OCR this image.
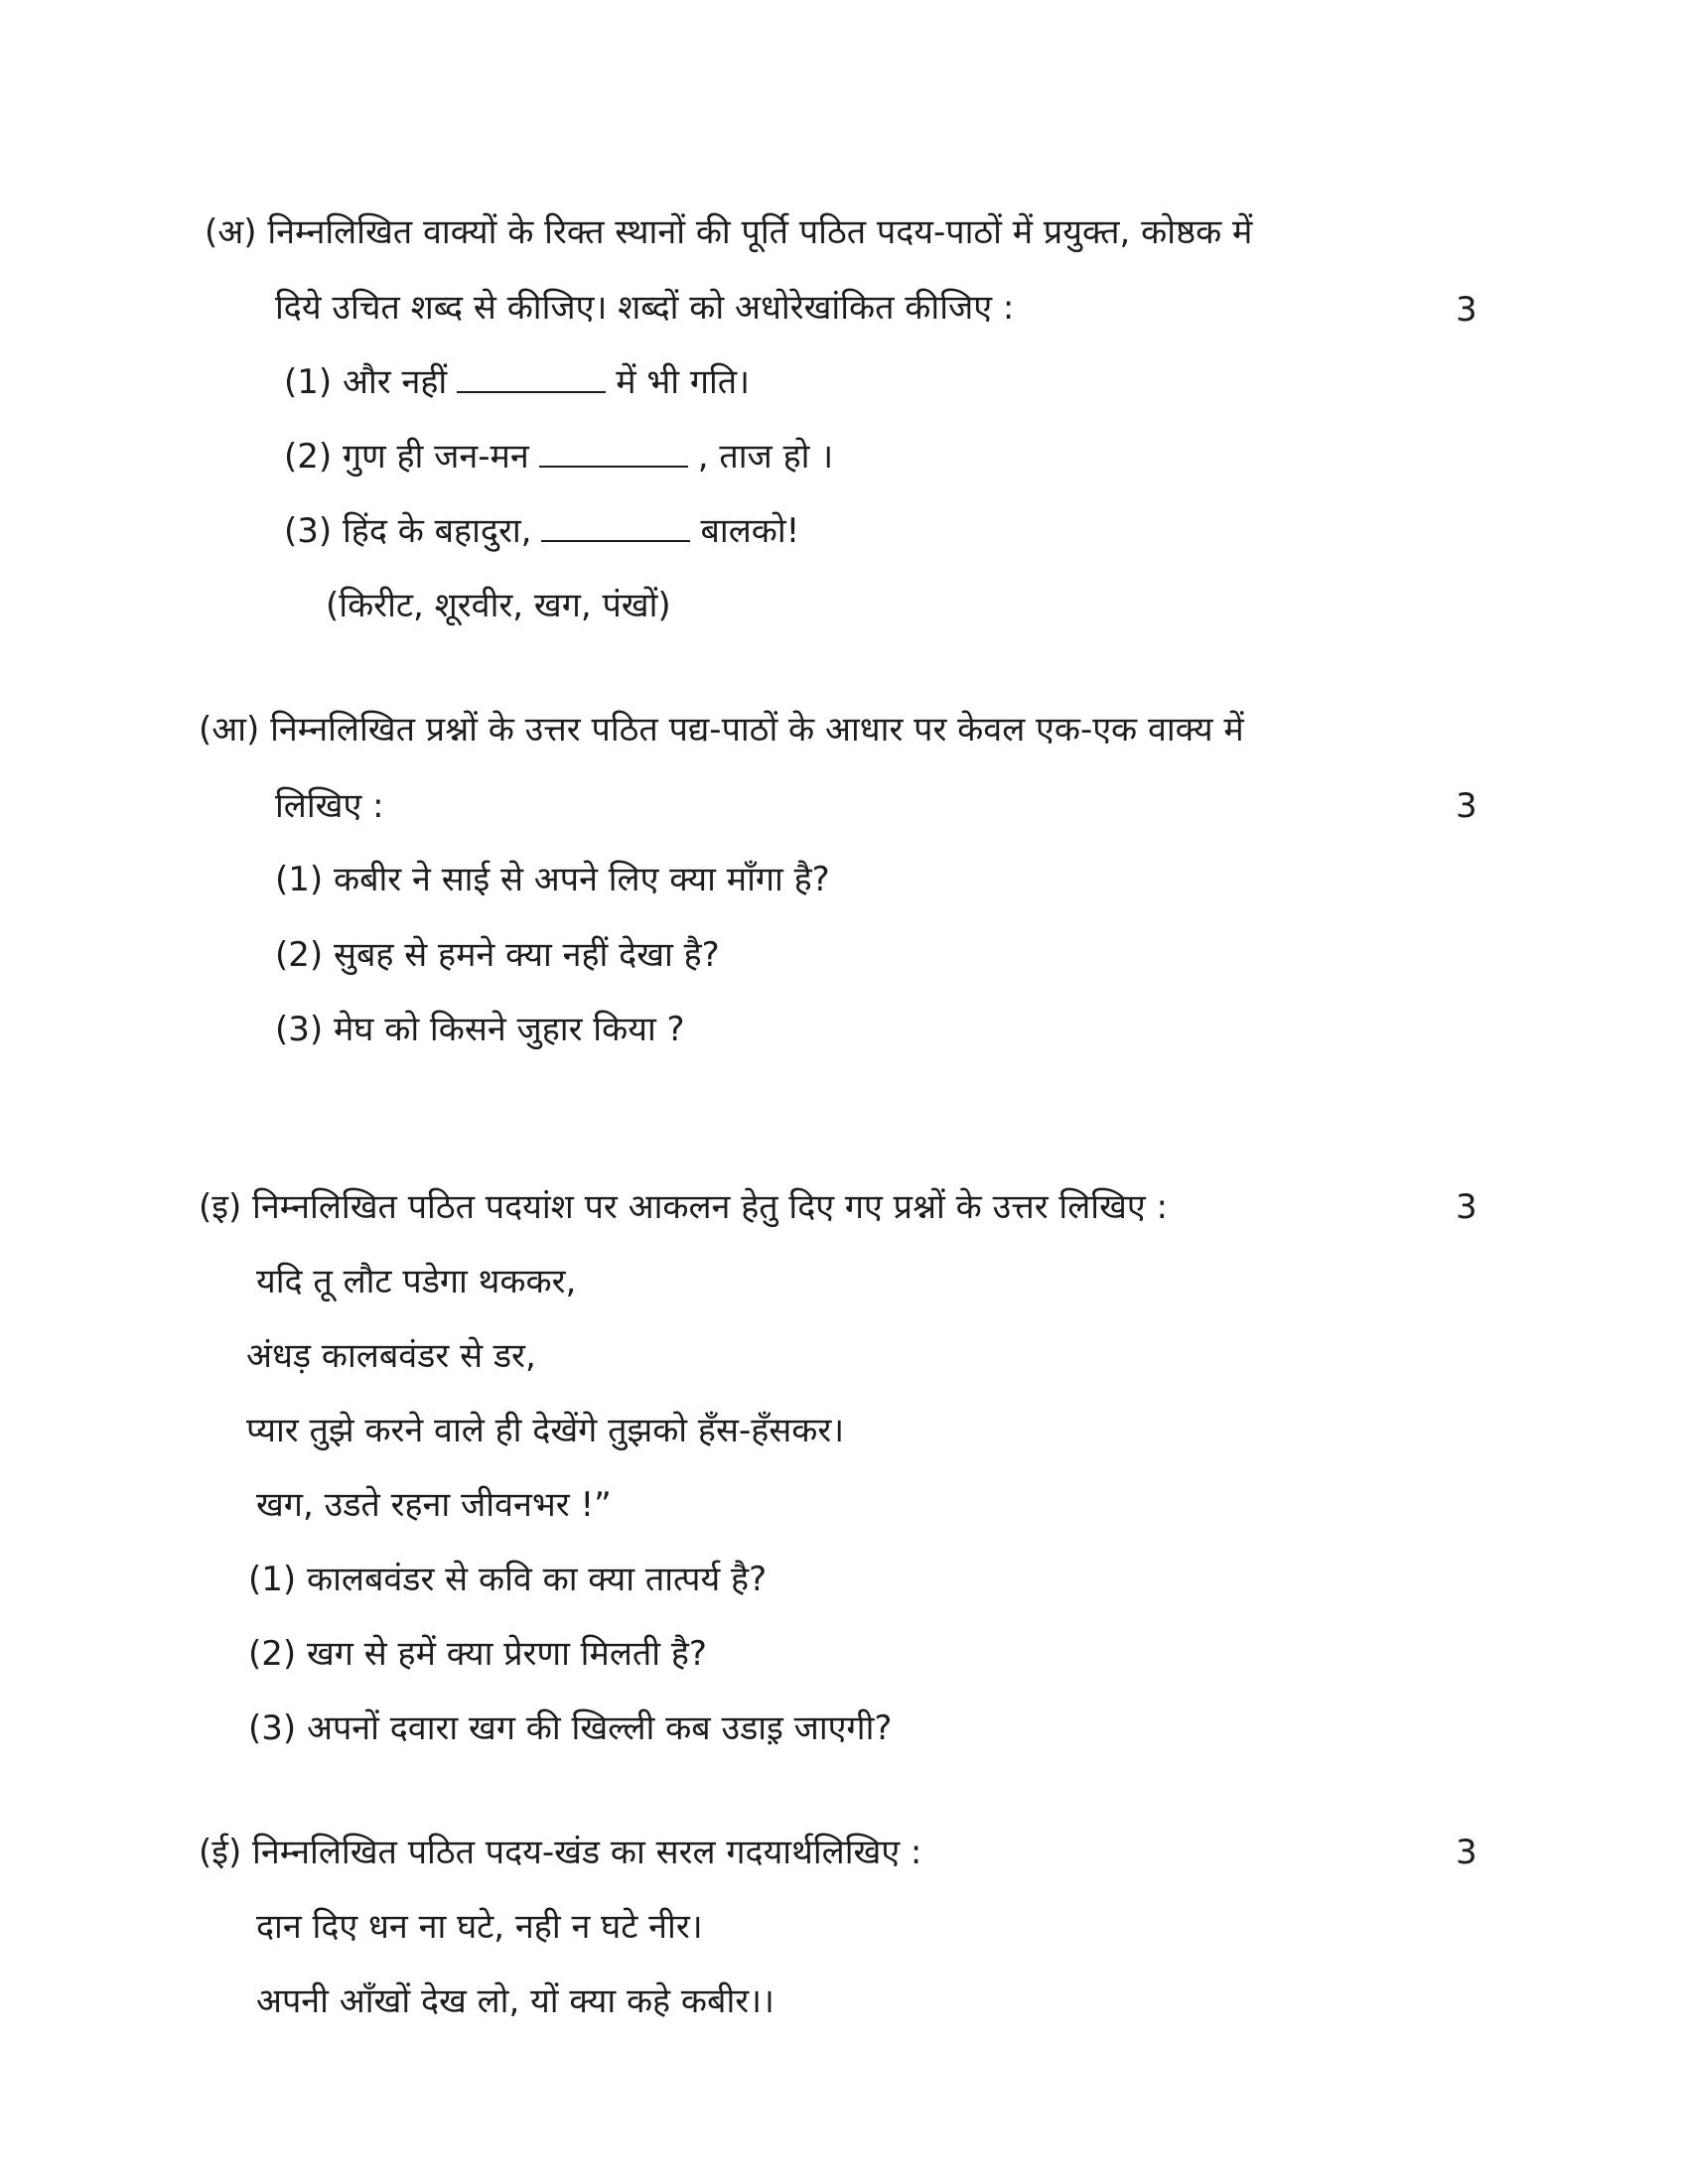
(अ) निम्नलिखित वाक्यों के रिक्त स्थानों की पूर्ति पठित पदय-पाठों में प्रयुक्त, कोष्ठक में
दिये उचित शब्द से कीजिए। शब्दों को अधोरेखांकित कीजिए :	3
(1) और नहीं	में भी गति।
(2) गुण ही जन-मन	, ताज हो ।
(3) हिंद के बहादुरा,	बालको!
(किरीट, शूरवीर, खग, पंखों)
(आ) निम्नलिखित प्रश्नों के उत्तर पठित पद्य-पाठों के आधार पर केवल एक-एक वाक्य में
लिखिए :	3
(1) कबीर ने साई से अपने लिए क्या माँगा है?
(2) सुबह से हमने क्या नहीं देखा है?
(3) मेघ को किसने जुहार किया ?
(इ) निम्नलिखित पठित पदयांश पर आकलन हेतु दिए गए प्रश्नों के उत्तर लिखिए :	3
यदि तू लौट पडेगा थककर,
अंधड़ कालबवंडर से डर,
प्यार तुझे करने वाले ही देखेंगे तुझको हँस-हँसकर।
खग, उडते रहना जीवनभर !”
(1) कालबवंडर से कवि का क्या तात्पर्य है?
(2) खग से हमें क्या प्रेरणा मिलती है?
(3) अपनों दवारा खग की खिल्ली कब उडाइ़ जाएगी?
(ई) निम्नलिखित पठित पदय-खंड का सरल गदयार्थलिखिए :	3
दान दिए धन ना घटे, नही न घटे नीर।
अपनी आँखों देख लो, यों क्या कहे कबीर।।
